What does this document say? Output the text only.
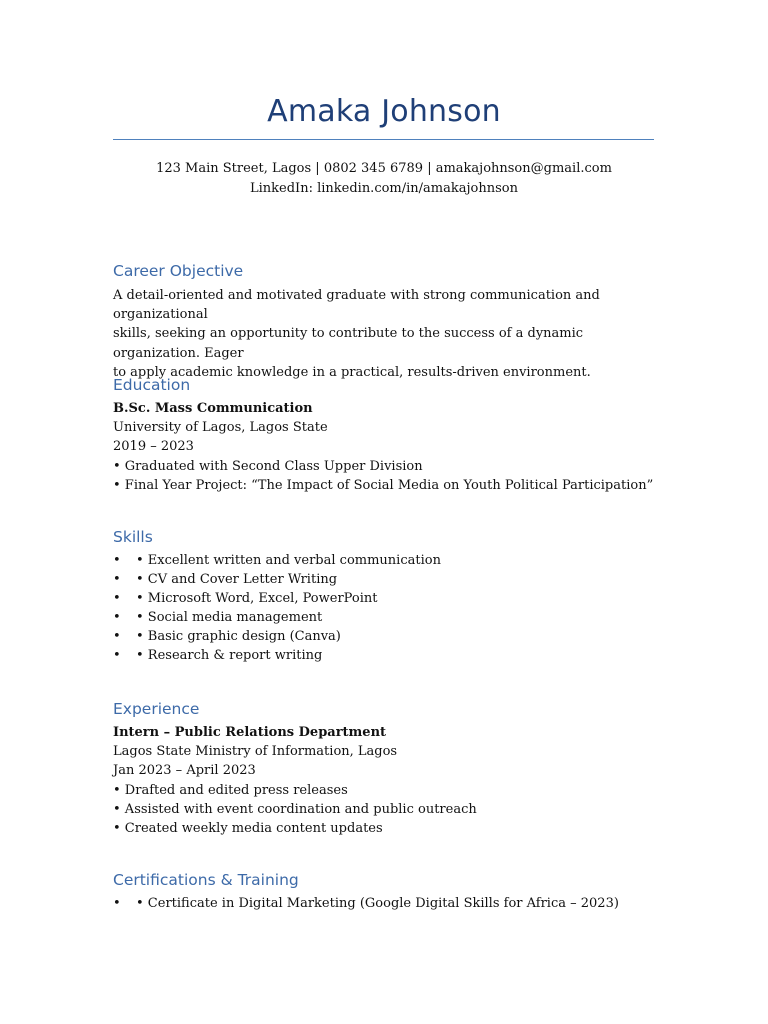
Amaka Johnson
123 Main Street, Lagos | 0802 345 6789 | amakajohnson@gmail.com
LinkedIn: linkedin.com/in/amakajohnson
Career Objective
A detail-oriented and motivated graduate with strong communication and organizational
skills, seeking an opportunity to contribute to the success of a dynamic organization. Eager
to apply academic knowledge in a practical, results-driven environment.
Education
B.Sc. Mass Communication
University of Lagos, Lagos State
2019 – 2023
• Graduated with Second Class Upper Division
• Final Year Project: “The Impact of Social Media on Youth Political Participation”
Skills
• • Excellent written and verbal communication
• • CV and Cover Letter Writing
• • Microsoft Word, Excel, PowerPoint
• • Social media management
• • Basic graphic design (Canva)
• • Research & report writing
Experience
Intern – Public Relations Department
Lagos State Ministry of Information, Lagos
Jan 2023 – April 2023
• Drafted and edited press releases
• Assisted with event coordination and public outreach
• Created weekly media content updates
Certifications & Training
• • Certificate in Digital Marketing (Google Digital Skills for Africa – 2023)
